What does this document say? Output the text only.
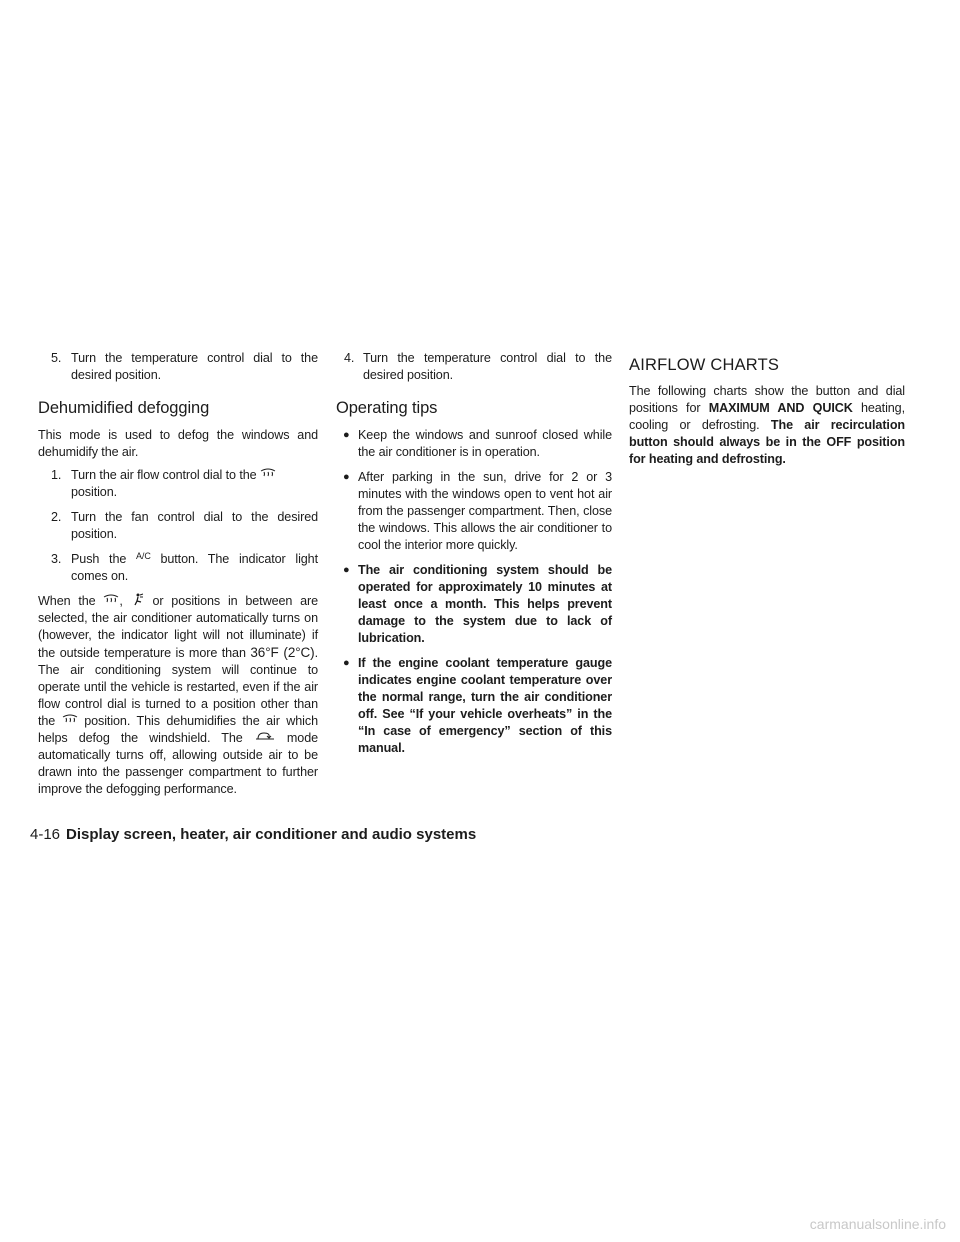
5. Turn the temperature control dial to the desired position.
Dehumidified defogging

This mode is used to defog the windows and dehumidify the air.

1. Turn the air flow control dial to the

position.
2. Turn the fan control dial to the desired position.
3. Push the A/C button. The indicator light comes on.

When the , or positions in between are selected, the air conditioner automatically turns on (however, the indicator light will not illuminate) if the outside temperature is more than 36°F (2°C). The air conditioning system will continue to operate until the vehicle is restarted, even if the air flow control dial is turned to a position other than the position. This dehumidifies the air which helps defog the windshield. The	mode automatically turns off, allowing outside air to be drawn into the passenger compartment to further improve the defogging performance.

4. Turn the temperature control dial to the desired position.
Operating tips
● Keep the windows and sunroof closed while the air conditioner is in operation.
● After parking in the sun, drive for 2 or 3 minutes with the windows open to vent hot air from the passenger compartment. Then, close the windows. This allows the air conditioner to cool the interior more quickly.
● The air conditioning system should be operated for approximately 10 minutes at least once a month. This helps prevent damage to the system due to lack of lubrication.
● If the engine coolant temperature gauge indicates engine coolant temperature over the normal range, turn the air conditioner off. See “If your vehicle overheats” in the “In case of emergency” section of this manual.
AIRFLOW CHARTS

The following charts show the button and dial positions for MAXIMUM AND QUICK heating, cooling or defrosting. The air recirculation button should always be in the OFF position for heating and defrosting.

4-16 Display screen, heater, air conditioner and audio systems
carmanualsonline.info
